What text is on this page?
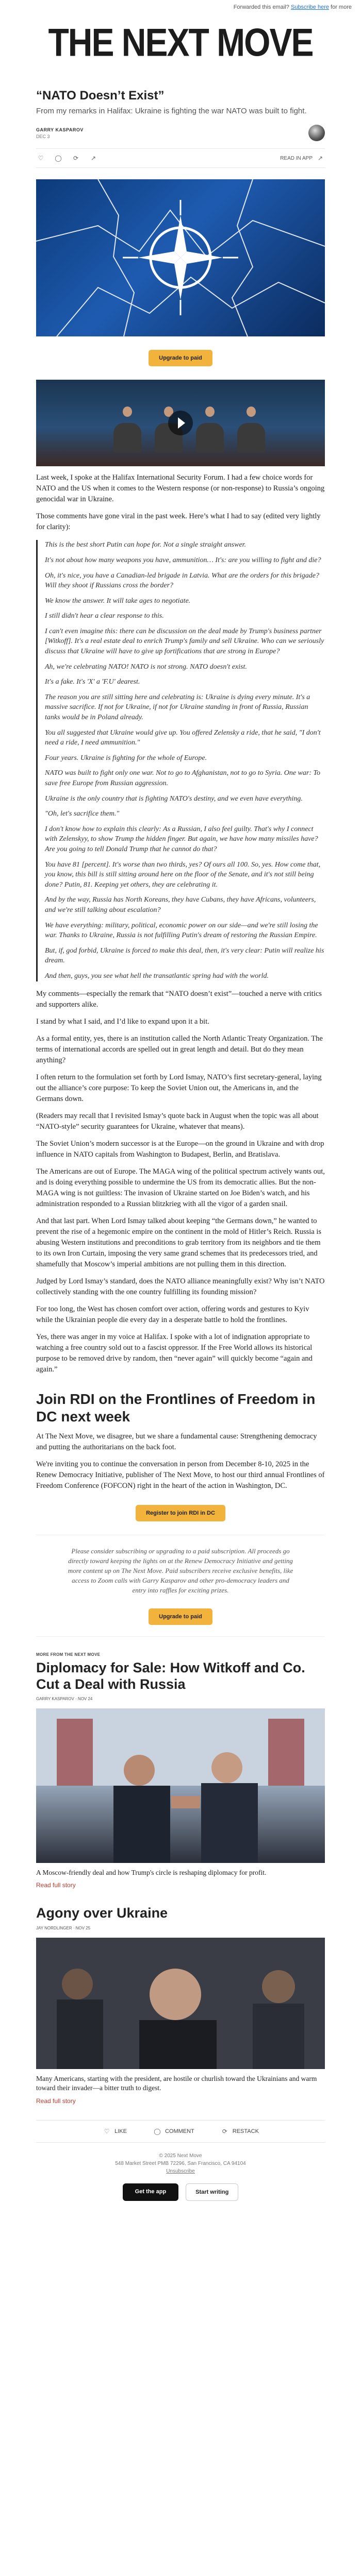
Forwarded this email? Subscribe here for more
THE NEXT MOVE
“NATO Doesn’t Exist”
From my remarks in Halifax: Ukraine is fighting the war NATO was built to fight.
GARRY KASPAROV
DEC 3
♡	◯	⟳	↗	READ IN APP ↗
Upgrade to paid

Last week, I spoke at the Halifax International Security Forum. I had a few choice words for NATO and the US when it comes to the Western response (or non-response) to Russia’s ongoing genocidal war in Ukraine.

Those comments have gone viral in the past week. Here’s what I had to say (edited very lightly for clarity):

This is the best short Putin can hope for. Not a single straight answer.

It's not about how many weapons you have, ammunition… It's: are you willing to fight and die?

Oh, it's nice, you have a Canadian-led brigade in Latvia. What are the orders for this brigade? Will they shoot if Russians cross the border?

We know the answer. It will take ages to negotiate.

I still didn't hear a clear response to this.

I can't even imagine this: there can be discussion on the deal made by Trump's business partner [Witkoff]. It's a real estate deal to enrich Trump's family and sell Ukraine. Who can we seriously discuss that Ukraine will have to give up fortifications that are strong in Europe?

Ah, we're celebrating NATO! NATO is not strong. NATO doesn't exist.

It's a fake. It's 'X' a 'F.U' dearest.

The reason you are still sitting here and celebrating is: Ukraine is dying every minute. It's a massive sacrifice. If not for Ukraine, if not for Ukraine standing in front of Russia, Russian tanks would be in Poland already.

You all suggested that Ukraine would give up. You offered Zelensky a ride, that he said, "I don't need a ride, I need ammunition."

Four years. Ukraine is fighting for the whole of Europe.

NATO was built to fight only one war. Not to go to Afghanistan, not to go to Syria. One war: To save free Europe from Russian aggression.

Ukraine is the only country that is fighting NATO's destiny, and we even have everything.

"Oh, let's sacrifice them."

I don't know how to explain this clearly: As a Russian, I also feel guilty. That's why I connect with Zelenskyy, to show Trump the hidden finger. But again, we have how many missiles have? Are you going to tell Donald Trump that he cannot do that?

You have 81 [percent]. It's worse than two thirds, yes? Of ours all 100. So, yes. How come that, you know, this bill is still sitting around here on the floor of the Senate, and it's not still being done? Putin, 81. Keeping yet others, they are celebrating it.

And by the way, Russia has North Koreans, they have Cubans, they have Africans, volunteers, and we're still talking about escalation?

We have everything: military, political, economic power on our side—and we're still losing the war. Thanks to Ukraine, Russia is not fulfilling Putin's dream of restoring the Russian Empire.

But, if, god forbid, Ukraine is forced to make this deal, then, it's very clear: Putin will realize his dream.

And then, guys, you see what hell the transatlantic spring had with the world.

My comments—especially the remark that “NATO doesn’t exist”—touched a nerve with critics and supporters alike.

I stand by what I said, and I’d like to expand upon it a bit.

As a formal entity, yes, there is an institution called the North Atlantic Treaty Organization. The terms of international accords are spelled out in great length and detail. But do they mean anything?

I often return to the formulation set forth by Lord Ismay, NATO’s first secretary-general, laying out the alliance’s core purpose: To keep the Soviet Union out, the Americans in, and the Germans down.

(Readers may recall that I revisited Ismay’s quote back in August when the topic was all about “NATO-style” security guarantees for Ukraine, whatever that means).

The Soviet Union’s modern successor is at the Europe—on the ground in Ukraine and with drop influence in NATO capitals from Washington to Budapest, Berlin, and Bratislava.

The Americans are out of Europe. The MAGA wing of the political spectrum actively wants out, and is doing everything possible to undermine the US from its democratic allies. But the non-MAGA wing is not guiltless: The invasion of Ukraine started on Joe Biden’s watch, and his administration responded to a Russian blitzkrieg with all the vigor of a garden snail.

And that last part. When Lord Ismay talked about keeping “the Germans down,” he wanted to prevent the rise of a hegemonic empire on the continent in the mold of Hitler’s Reich. Russia is abusing Western institutions and preconditions to grab territory from its neighbors and tie them to its own Iron Curtain, imposing the very same grand schemes that its predecessors tried, and shamefully that Moscow’s imperial ambitions are not pulling them in this direction.

Judged by Lord Ismay’s standard, does the NATO alliance meaningfully exist? Why isn’t NATO collectively standing with the one country fulfilling its founding mission?

For too long, the West has chosen comfort over action, offering words and gestures to Kyiv while the Ukrainian people die every day in a desperate battle to hold the frontlines.

Yes, there was anger in my voice at Halifax. I spoke with a lot of indignation appropriate to watching a free country sold out to a fascist oppressor. If the Free World allows its historical purpose to be removed drive by random, then “never again” will quickly become “again and again.”

Join RDI on the Frontlines of Freedom in DC next week

At The Next Move, we disagree, but we share a fundamental cause: Strengthening democracy and putting the authoritarians on the back foot.

We're inviting you to continue the conversation in person from December 8-10, 2025 in the Renew Democracy Initiative, publisher of The Next Move, to host our third annual Frontlines of Freedom Conference (FOFCON) right in the heart of the action in Washington, DC.

Register to join RDI in DC

Please consider subscribing or upgrading to a paid subscription. All proceeds go directly toward keeping the lights on at the Renew Democracy Initiative and getting more content up on The Next Move. Paid subscribers receive exclusive benefits, like access to Zoom calls with Garry Kasparov and other pro-democracy leaders and entry into raffles for exciting prizes.

Upgrade to paid
MORE FROM THE NEXT MOVE
Diplomacy for Sale: How Witkoff and Co. Cut a Deal with Russia
GARRY KASPAROV · NOV 24
A Moscow-friendly deal and how Trump's circle is reshaping diplomacy for profit.
Read full story
Agony over Ukraine
JAY NORDLINGER · NOV 25
Many Americans, starting with the president, are hostile or churlish toward the Ukrainians and warm toward their invader—a bitter truth to digest.
Read full story
♡ LIKE	◯ COMMENT	⟳ RESTACK
© 2025 Next Move
548 Market Street PMB 72296, San Francisco, CA 94104
Unsubscribe
Get the app	Start writing
